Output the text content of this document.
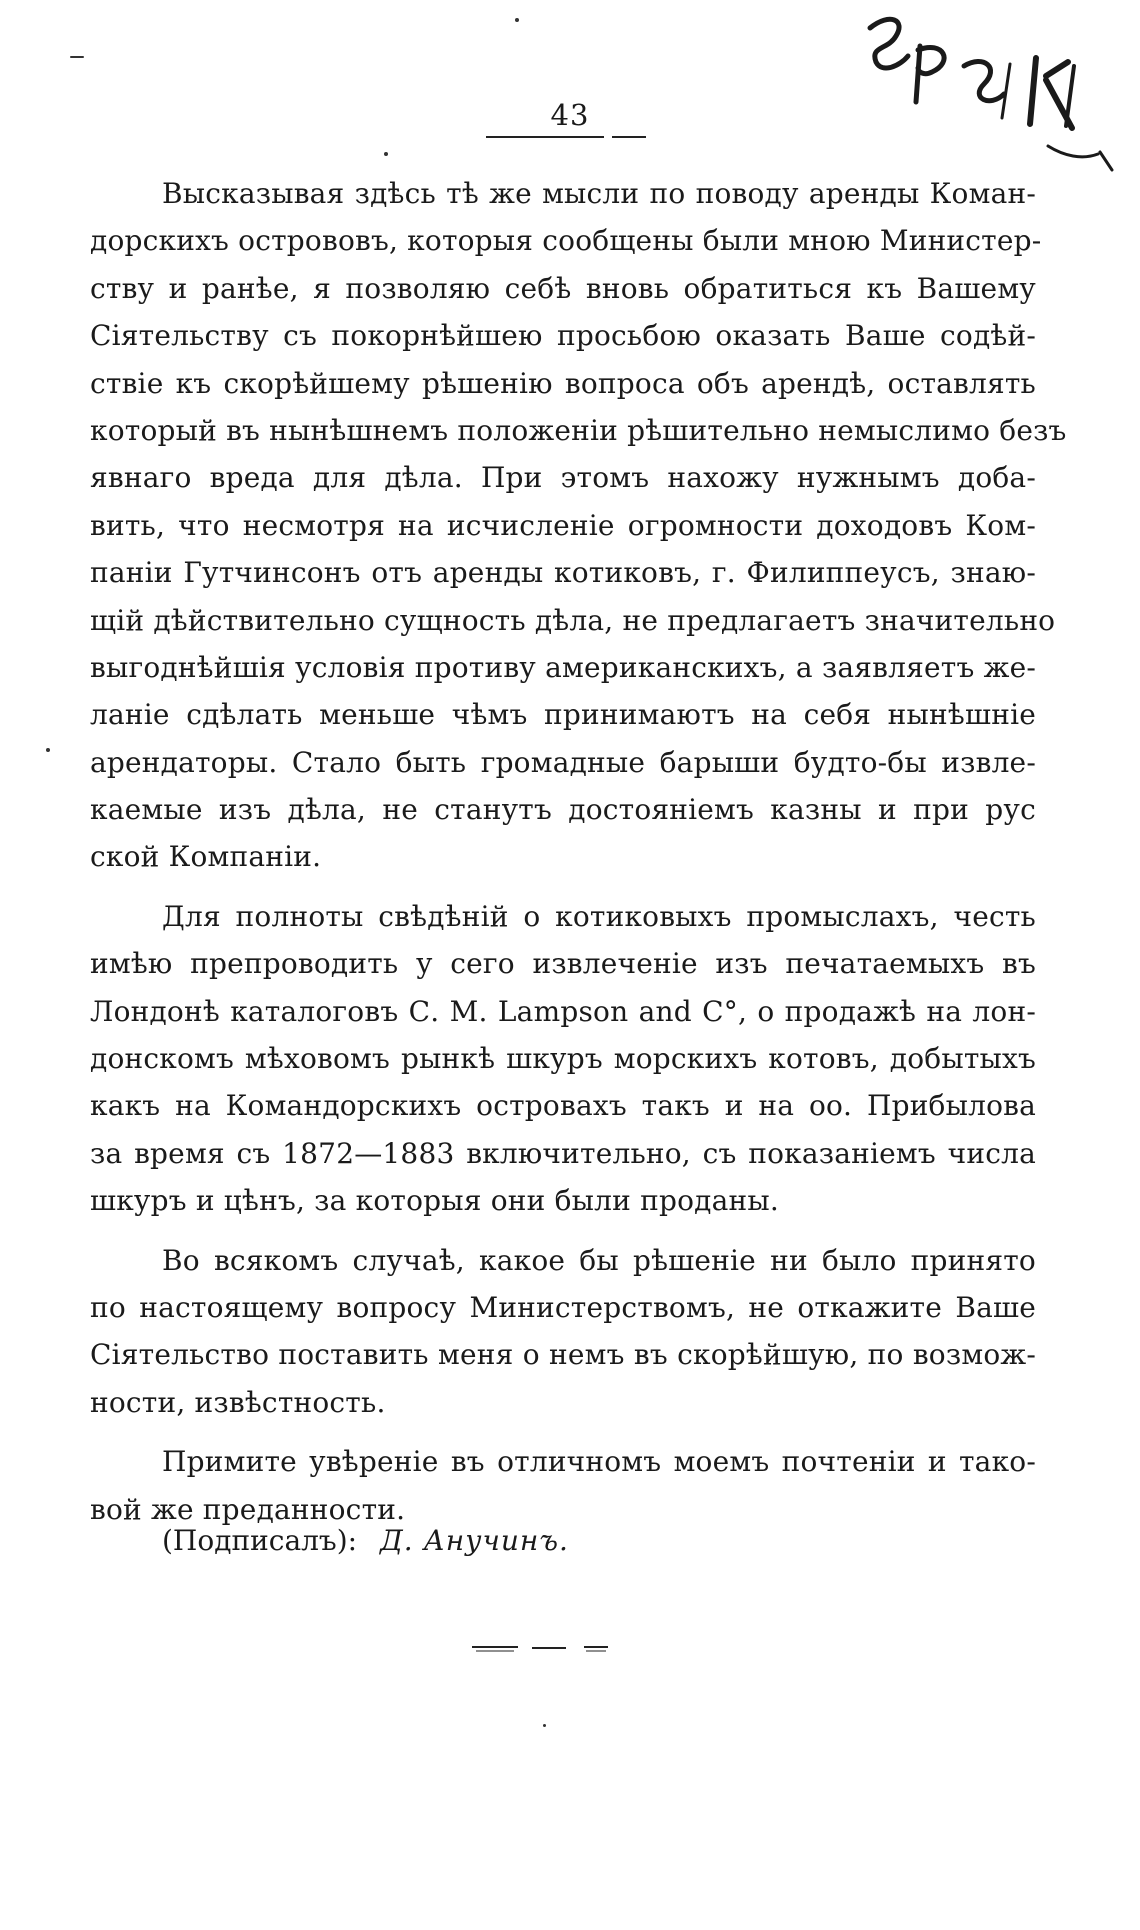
43
Высказывая здѣсь тѣ же мысли по поводу аренды Коман-
дорскихъ острововъ, которыя сообщены были мною Министер-
ству и ранѣе, я позволяю себѣ вновь обратиться къ Вашему
Сіятельству съ покорнѣйшею просьбою оказать Ваше содѣй-
ствіе къ скорѣйшему рѣшенію вопроса объ арендѣ, оставлять
который въ нынѣшнемъ положеніи рѣшительно немыслимо безъ
явнаго вреда для дѣла. При этомъ нахожу нужнымъ доба-
вить, что несмотря на исчисленіе огромности доходовъ Ком-
паніи Гутчинсонъ отъ аренды котиковъ, г. Филиппеусъ, знаю-
щій дѣйствительно сущность дѣла, не предлагаетъ значительно
выгоднѣйшія условія противу американскихъ, а заявляетъ же-
ланіе сдѣлать меньше чѣмъ принимаютъ на себя нынѣшніе
арендаторы. Стало быть громадные барыши будто-бы извле-
каемые изъ дѣла, не станутъ достояніемъ казны и при рус
ской Компаніи.
Для полноты свѣдѣній о котиковыхъ промыслахъ, честь
имѣю препроводить у сего извлеченіе изъ печатаемыхъ въ
Лондонѣ каталоговъ С. М. Lampson and C°, о продажѣ на лон-
донскомъ мѣховомъ рынкѣ шкуръ морскихъ котовъ, добытыхъ
какъ на Командорскихъ островахъ такъ и на оо. Прибылова
за время съ 1872—1883 включительно, съ показаніемъ числа
шкуръ и цѣнъ, за которыя они были проданы.
Во всякомъ случаѣ, какое бы рѣшеніе ни было принято
по настоящему вопросу Министерствомъ, не откажите Ваше
Сіятельство поставить меня о немъ въ скорѣйшую, по возмож-
ности, извѣстность.
Примите увѣреніе въ отличномъ моемъ почтеніи и тако-
вой же преданности.
(Подписалъ): Д. Анучинъ.
